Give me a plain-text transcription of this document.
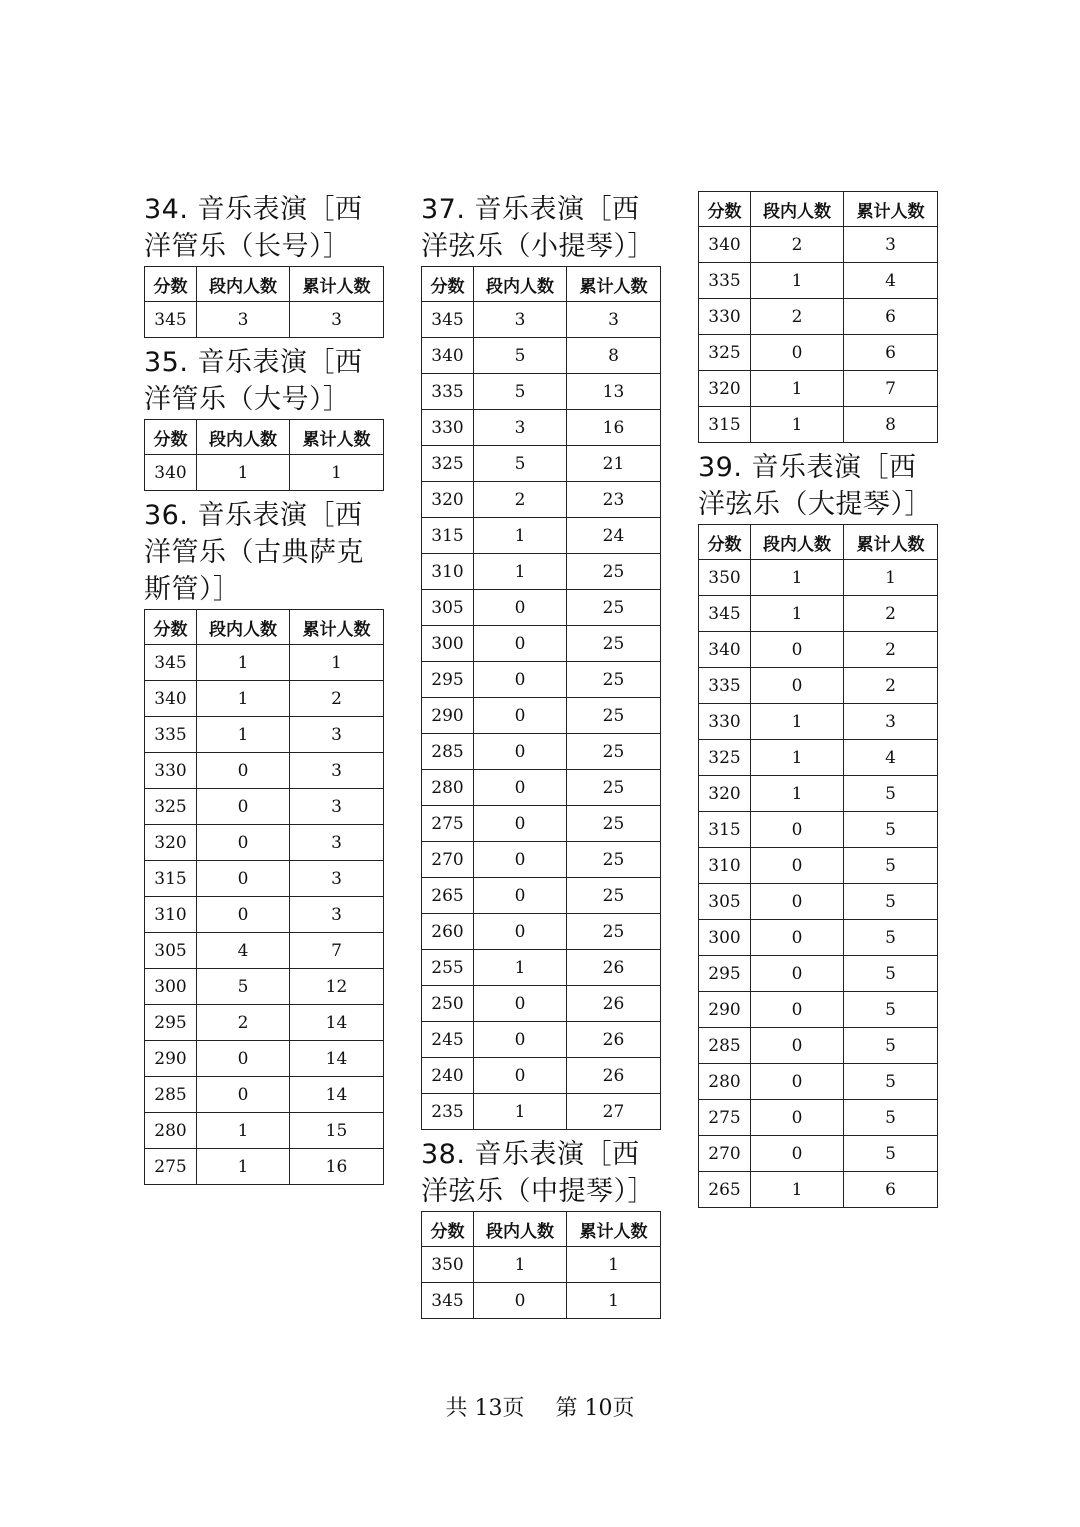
34. 音乐表演［西洋管乐（长号）］
分数	段内人数	累计人数
345	3	3
35. 音乐表演［西洋管乐（大号）］
分数	段内人数	累计人数
340	1	1
36. 音乐表演［西洋管乐（古典萨克斯管）］
分数	段内人数	累计人数
345	1	1
340	1	2
335	1	3
330	0	3
325	0	3
320	0	3
315	0	3
310	0	3
305	4	7
300	5	12
295	2	14
290	0	14
285	0	14
280	1	15
275	1	16
37. 音乐表演［西洋弦乐（小提琴）］
分数	段内人数	累计人数
345	3	3
340	5	8
335	5	13
330	3	16
325	5	21
320	2	23
315	1	24
310	1	25
305	0	25
300	0	25
295	0	25
290	0	25
285	0	25
280	0	25
275	0	25
270	0	25
265	0	25
260	0	25
255	1	26
250	0	26
245	0	26
240	0	26
235	1	27
38. 音乐表演［西洋弦乐（中提琴）］
分数	段内人数	累计人数
350	1	1
345	0	1
分数	段内人数	累计人数
340	2	3
335	1	4
330	2	6
325	0	6
320	1	7
315	1	8
39. 音乐表演［西洋弦乐（大提琴）］
分数	段内人数	累计人数
350	1	1
345	1	2
340	0	2
335	0	2
330	1	3
325	1	4
320	1	5
315	0	5
310	0	5
305	0	5
300	0	5
295	0	5
290	0	5
285	0	5
280	0	5
275	0	5
270	0	5
265	1	6
共 13页 第 10页
